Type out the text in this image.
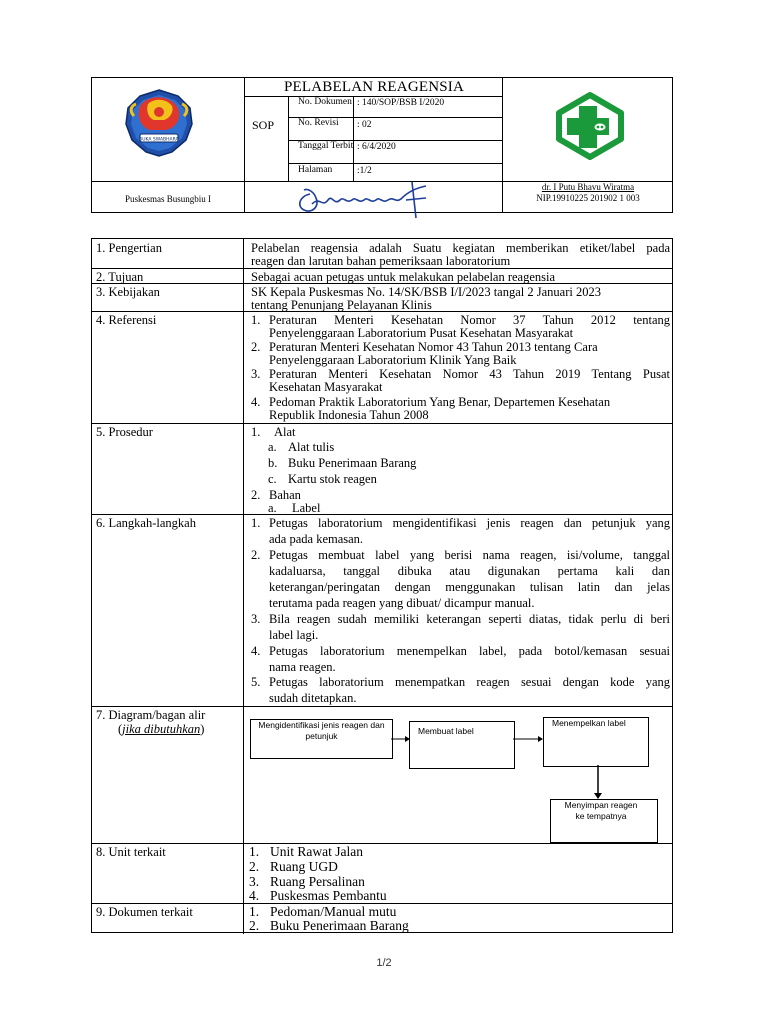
SUKA SWABHARA
PELABELAN REAGENSIA
SOP
No. Dokumen : 140/SOP/BSB I/2020
No. Revisi	: 02
Tanggal Terbit : 6/4/2020
Halaman	:1/2
Puskesmas Busungbiu I
dr. I Putu Bhavu Wiratma
NIP.19910225 201902 1 003
1. Pengertian	Pelabelan reagensia adalah Suatu kegiatan memberikan etiket/label pada
reagen dan larutan bahan pemeriksaan laboratorium
2. Tujuan	Sebagai acuan petugas untuk melakukan pelabelan reagensia
3. Kebijakan	SK Kepala Puskesmas No. 14/SK/BSB I/I/2023 tangal 2 Januari 2023
tentang Penunjang Pelayanan Klinis
4. Referensi	1. Peraturan Menteri Kesehatan Nomor 37 Tahun 2012 tentang
Penyelenggaraan Laboratorium Pusat Kesehatan Masyarakat
2. Peraturan Menteri Kesehatan Nomor 43 Tahun 2013 tentang Cara
Penyelenggaraan Laboratorium Klinik Yang Baik
3. Peraturan Menteri Kesehatan Nomor 43 Tahun 2019 Tentang Pusat
Kesehatan Masyarakat
4. Pedoman Praktik Laboratorium Yang Benar, Departemen Kesehatan
Republik Indonesia Tahun 2008
5. Prosedur	1. Alat
a. Alat tulis
b. Buku Penerimaan Barang
c. Kartu stok reagen
2. Bahan
a. Label
6. Langkah-langkah	1. Petugas laboratorium mengidentifikasi jenis reagen dan petunjuk yang
ada pada kemasan.
2. Petugas membuat label yang berisi nama reagen, isi/volume, tanggal
kadaluarsa, tanggal dibuka atau digunakan pertama kali dan
keterangan/peringatan dengan menggunakan tulisan latin dan jelas
terutama pada reagen yang dibuat/ dicampur manual.
3. Bila reagen sudah memiliki keterangan seperti diatas, tidak perlu di beri
label lagi.
4. Petugas laboratorium menempelkan label, pada botol/kemasan sesuai
nama reagen.
5. Petugas laboratorium menempatkan reagen sesuai dengan kode yang
sudah ditetapkan.
7. Diagram/bagan alir
(jika dibutuhkan)
8. Unit terkait	1. Unit Rawat Jalan
2. Ruang UGD
3. Ruang Persalinan
4. Puskesmas Pembantu
9. Dokumen terkait	1. Pedoman/Manual mutu
2. Buku Penerimaan Barang
Mengidentifikasi jenis reagen dan petunjuk	Membuat label
Menempelkan label
Menyimpan reagen ke tempatnya
1/2
